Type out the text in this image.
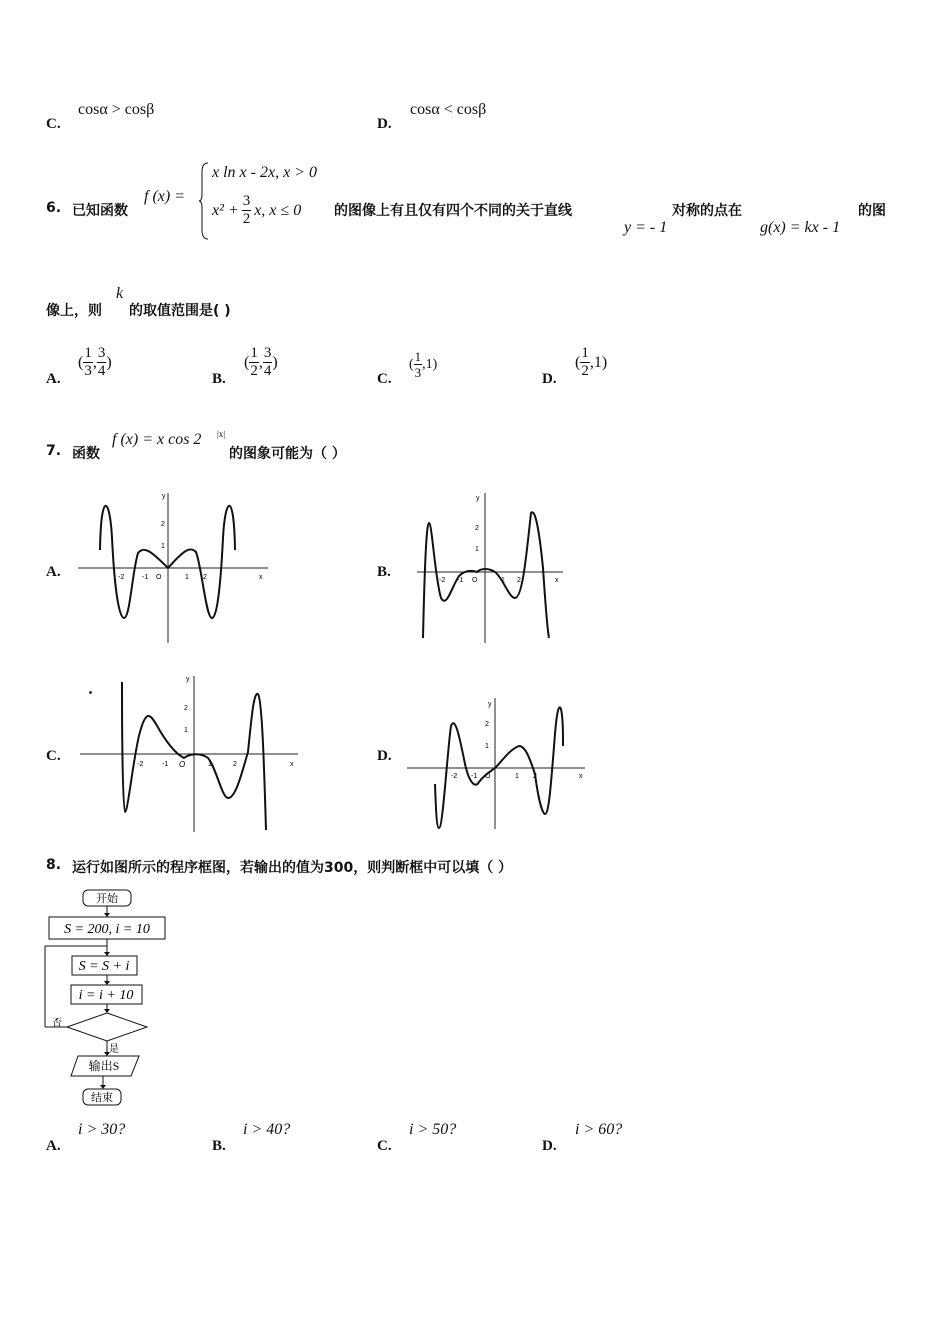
C.
cosα > cosβ
D.
cosα < cosβ
6. 已知函数
f (x) =
x ln x - 2x, x > 0
$x^2 + \frac{3}{2} x$, x ≤ 0 的图像上有且仅有四个不同的关于直线
y = - 1
对称的点在
g(x) = kx - 1
的图
像上，则
k
的取值范围是( )
A.
( $\frac{1}{3}$ , $\frac{3}{4}$ )
B.
( $\frac{1}{2}$ , $\frac{3}{4}$ )
C.
( $\frac{1}{3} ,1$)
D.
( $\frac{1}{2} ,1$)
7. 函数
f (x) = x cos 2 |x|
的图象可能为（ ）
A.	B.
C.	D.
y
x
-2	-1 O	1 2
2
1
y
x
-2 -1 O	1 2
2
1
y
x
-2	-1 O	1	2
2
1
y
x
-2 -1 O	1 2
2
1
8. 运行如图所示的程序框图，若输出的值为300，则判断框中可以填（ ）
开始
S = 200, i = 10
S = S + i
i = i + 10
否
是
输出S
结束
A.
i > 30?
B.
i > 40?
C.
i > 50?
D.
i > 60?
